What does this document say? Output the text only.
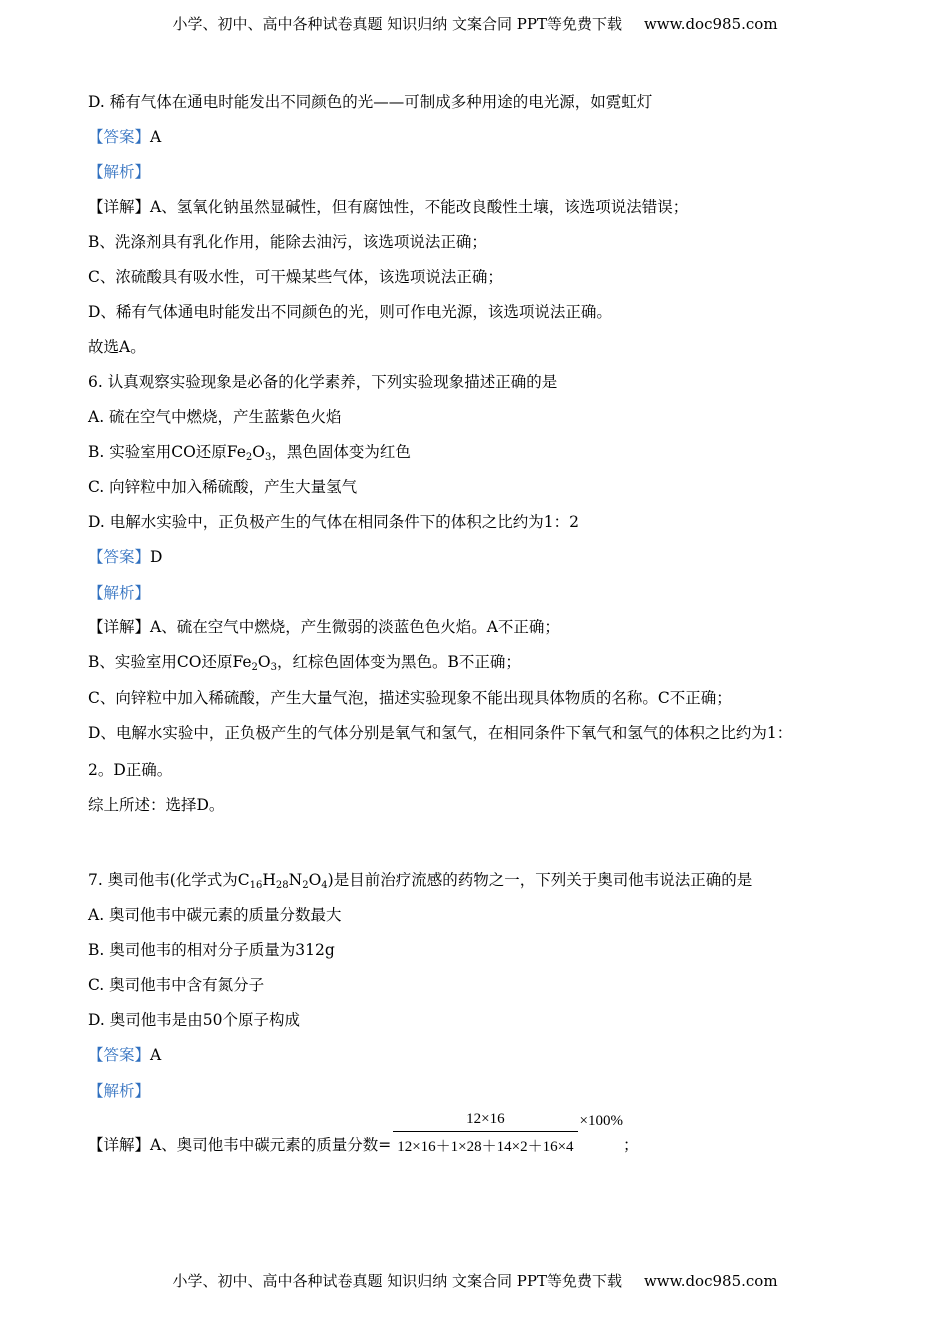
小学、初中、高中各种试卷真题 知识归纳 文案合同 PPT等免费下载 www.doc985.com
D. 稀有气体在通电时能发出不同颜色的光——可制成多种用途的电光源，如霓虹灯
【答案】A
【解析】
【详解】A、氢氧化钠虽然显碱性，但有腐蚀性，不能改良酸性土壤，该选项说法错误；
B、洗涤剂具有乳化作用，能除去油污，该选项说法正确；
C、浓硫酸具有吸水性，可干燥某些气体，该选项说法正确；
D、稀有气体通电时能发出不同颜色的光，则可作电光源，该选项说法正确。
故选A。
6. 认真观察实验现象是必备的化学素养，下列实验现象描述正确的是
A. 硫在空气中燃烧，产生蓝紫色火焰
B. 实验室用CO还原$Fe_2O_3$，黑色固体变为红色
C. 向锌粒中加入稀硫酸，产生大量氢气
D. 电解水实验中，正负极产生的气体在相同条件下的体积之比约为1：2
【答案】D
【解析】
【详解】A、硫在空气中燃烧，产生微弱的淡蓝色色火焰。A不正确；
B、实验室用CO还原$Fe_2O_3$，红棕色固体变为黑色。B不正确；
C、向锌粒中加入稀硫酸，产生大量气泡，描述实验现象不能出现具体物质的名称。C不正确；
D、电解水实验中，正负极产生的气体分别是氧气和氢气，在相同条件下氧气和氢气的体积之比约为1：
2。D正确。
综上所述：选择D。
7. 奥司他韦(化学式为$C_{16}H_{28}N_2O_4$)是目前治疗流感的药物之一，下列关于奥司他韦说法正确的是
A. 奥司他韦中碳元素的质量分数最大
B. 奥司他韦的相对分子质量为312g
C. 奥司他韦中含有氮分子
D. 奥司他韦是由50个原子构成
【答案】A
【解析】
【详解】 A、奥司他韦中碳元素的质量分数= $\frac{12\times 16}{12\times 16+1\times 28+14\times 2+16\times 4} \times 100\%$
；
小学、初中、高中各种试卷真题 知识归纳 文案合同 PPT等免费下载 www.doc985.com
